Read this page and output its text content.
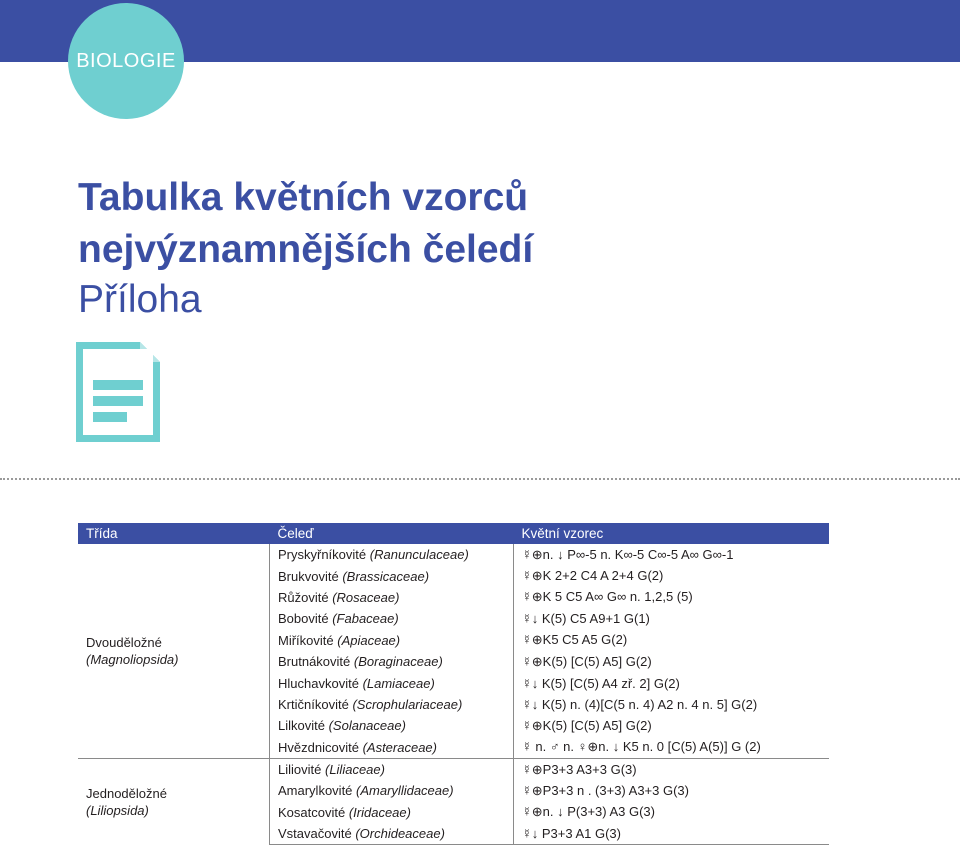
BIOLOGIE
Tabulka květních vzorců
nejvýznamnějších čeledí
Příloha
Třída	Čeleď	Květní vzorec

Dvouděložné
(Magnoliopsida)	Pryskyřníkovité (Ranunculaceae)	☿⊕n. ↓ P∞-5 n. K∞-5 C∞-5 A∞ G∞-1
	Brukvovité (Brassicaceae)	☿⊕K 2+2 C4 A 2+4 G(2)
	Růžovité (Rosaceae)	☿⊕K 5 C5 A∞ G∞ n. 1,2,5 (5)
	Bobovité (Fabaceae)	☿↓ K(5) C5 A9+1 G(1)
	Miříkovité (Apiaceae)	☿⊕K5 C5 A5 G(2)
	Brutnákovité (Boraginaceae)	☿⊕K(5) [C(5) A5] G(2)
	Hluchavkovité (Lamiaceae)	☿↓ K(5) [C(5) A4 zř. 2] G(2)
	Krtičníkovité (Scrophulariaceae)	☿↓ K(5) n. (4)[C(5 n. 4) A2 n. 4 n. 5] G(2)
	Lilkovité (Solanaceae)	☿⊕K(5) [C(5) A5] G(2)
	Hvězdnicovité (Asteraceae)	☿ n. ♂ n. ♀⊕n. ↓ K5 n. 0 [C(5) A(5)] G (2)

Jednoděložné
(Liliopsida)	Liliovité (Liliaceae)	☿⊕P3+3 A3+3 G(3)
	Amarylkovité (Amaryllidaceae)	☿⊕P3+3 n . (3+3) A3+3 G(3)
	Kosatcovité (Iridaceae)	☿⊕n. ↓ P(3+3) A3 G(3)
	Vstavačovité (Orchideaceae)	☿↓ P3+3 A1 G(3)
